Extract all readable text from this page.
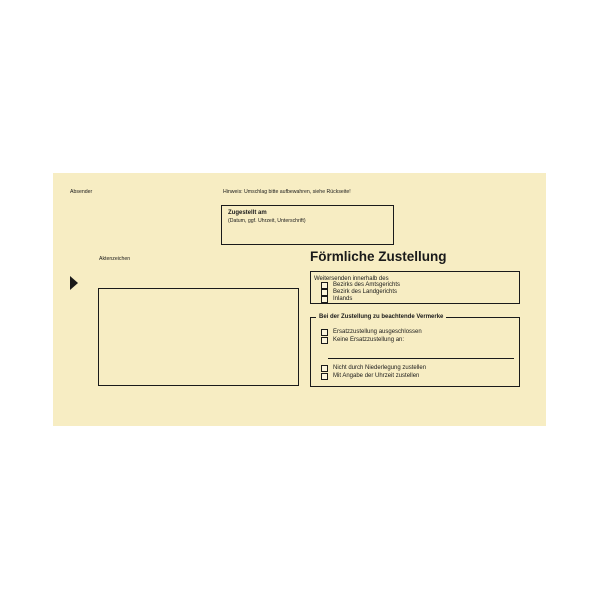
Absender	Hinweis: Umschlag bitte aufbewahren, siehe Rückseite!
Zugestellt am
(Datum, ggf. Uhrzeit, Unterschrift)
Aktenzeichen	Förmliche Zustellung
Weitersenden innerhalb des
Bezirks des Amtsgerichts
Bezirk des Landgerichts
Inlands
Bei der Zustellung zu beachtende Vermerke
Ersatzzustellung ausgeschlossen
Keine Ersatzzustellung an:
Nicht durch Niederlegung zustellen
Mit Angabe der Uhrzeit zustellen
